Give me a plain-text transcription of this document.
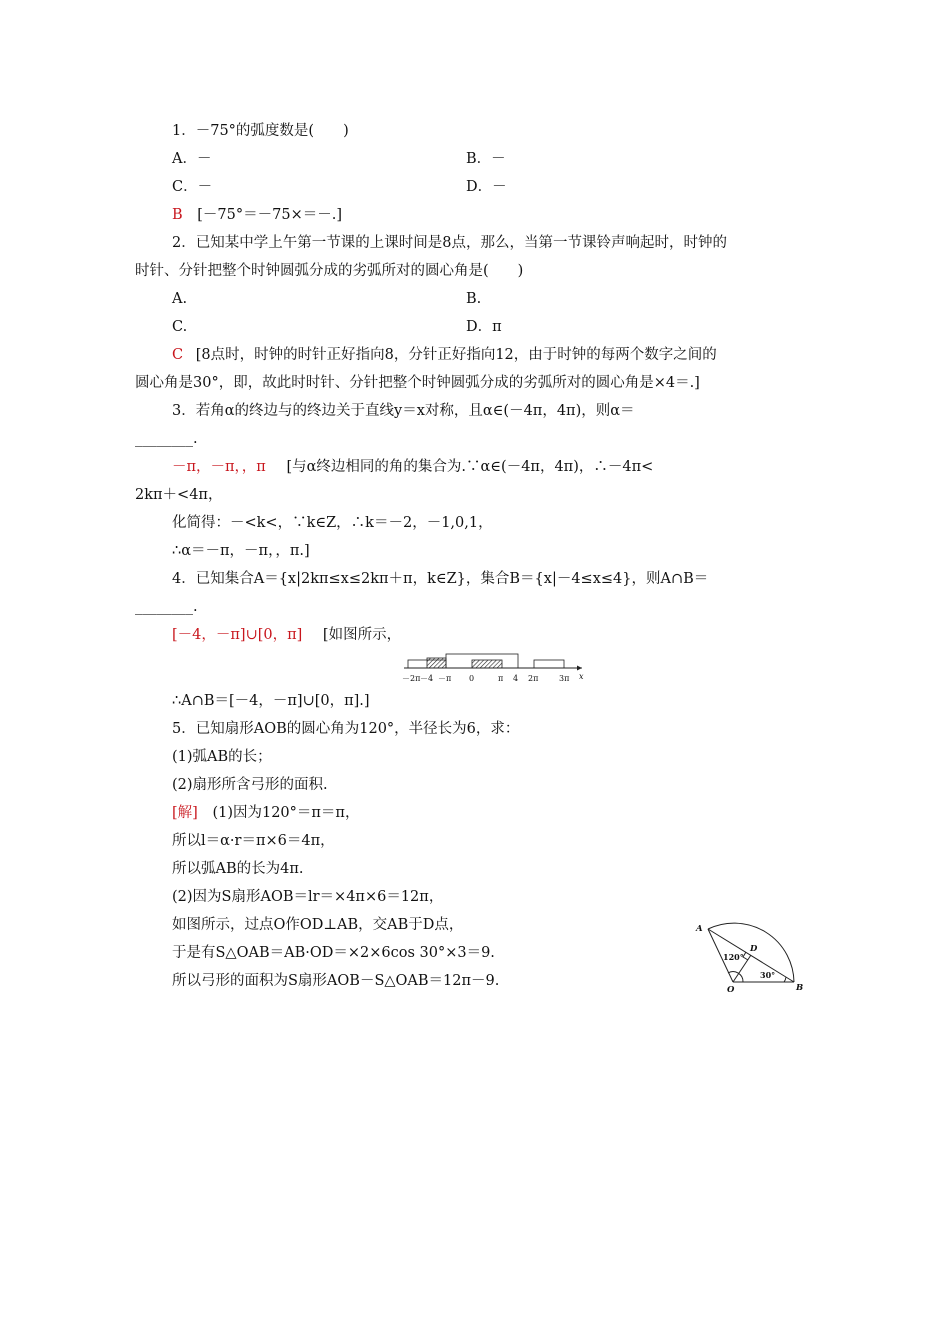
1．－75°的弧度数是(　　)
A．－	B．－
C．－	D．－
B [－75°＝－75×＝－.]
2．已知某中学上午第一节课的上课时间是8点，那么，当第一节课铃声响起时，时钟的
时针、分针把整个时钟圆弧分成的劣弧所对的圆心角是(　　)
A.	B.
C.	D．π
C [8点时，时钟的时针正好指向8，分针正好指向12，由于时钟的每两个数字之间的
圆心角是30°，即，故此时时针、分针把整个时钟圆弧分成的劣弧所对的圆心角是×4＝.]
3．若角α的终边与的终边关于直线y＝x对称，且α∈(－4π，4π)，则α＝
________.
－π，－π，，π [与α终边相同的角的集合为.∵α∈(－4π，4π)，∴－4π<
2kπ＋<4π，
化简得：－<k<，∵k∈Z，∴k＝－2，－1,0,1，
∴α＝－π，－π，，π.]
4．已知集合A＝{x|2kπ≤x≤2kπ＋π，k∈Z}，集合B＝{x|－4≤x≤4}，则A∩B＝
________.
[－4，－π]∪[0，π] [如图所示，
－2π －4 －π 0	π 4 2π	3π x
∴A∩B＝[－4，－π]∪[0，π].]
5．已知扇形AOB的圆心角为120°，半径长为6，求：
(1)弧AB的长；
(2)扇形所含弓形的面积.
[解] (1)因为120°＝π＝π，
所以l＝α·r＝π×6＝4π，
所以弧AB的长为4π.
(2)因为S扇形AOB＝lr＝×4π×6＝12π，
如图所示，过点O作OD⊥AB，交AB于D点，
于是有S△OAB＝AB·OD＝×2×6cos 30°×3＝9.
所以弓形的面积为S扇形AOB－S△OAB＝12π－9.
A
B
O
D
120°
30°
